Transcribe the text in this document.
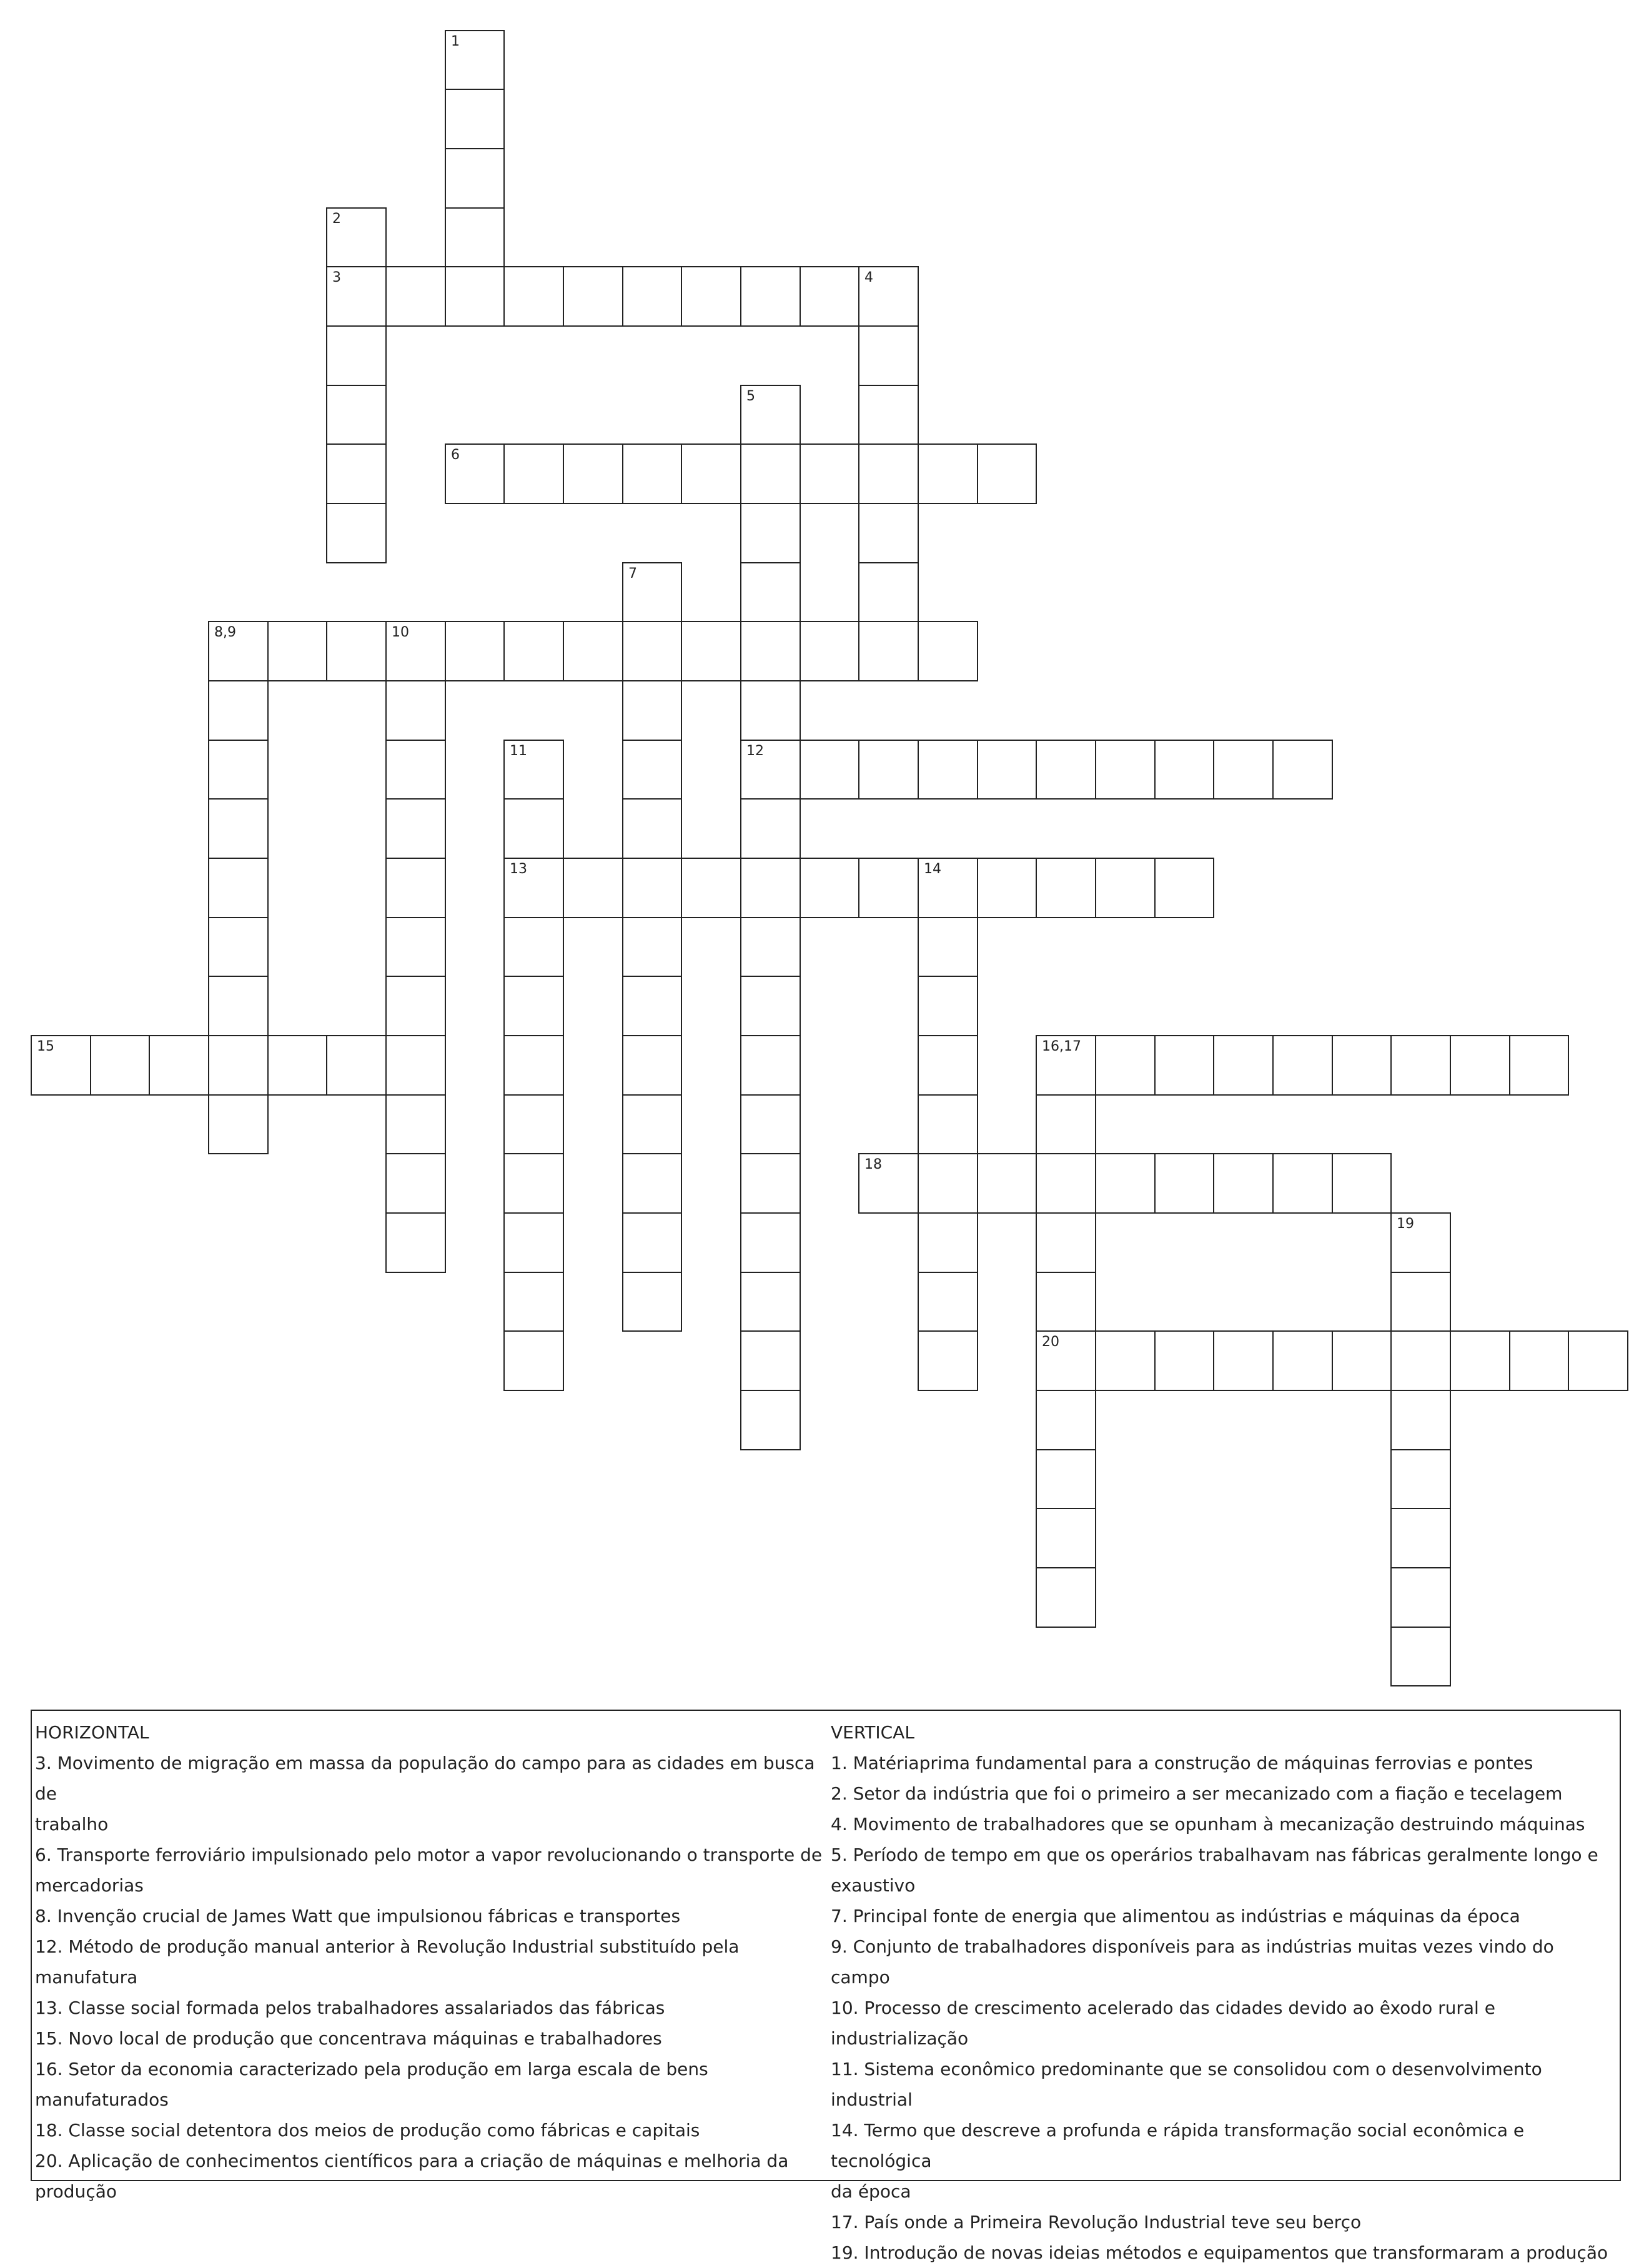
3	4
6
8,9	10
12
13	14
15	16,17
18
20
1
2
5
7
11
19
HORIZONTAL
3. Movimento de migração em massa da população do campo para as cidades em busca de
trabalho
6. Transporte ferroviário impulsionado pelo motor a vapor revolucionando o transporte de
mercadorias
8. Invenção crucial de James Watt que impulsionou fábricas e transportes
12. Método de produção manual anterior à Revolução Industrial substituído pela manufatura
13. Classe social formada pelos trabalhadores assalariados das fábricas
15. Novo local de produção que concentrava máquinas e trabalhadores
16. Setor da economia caracterizado pela produção em larga escala de bens manufaturados
18. Classe social detentora dos meios de produção como fábricas e capitais
20. Aplicação de conhecimentos científicos para a criação de máquinas e melhoria da
produção
VERTICAL
1. Matériaprima fundamental para a construção de máquinas ferrovias e pontes
2. Setor da indústria que foi o primeiro a ser mecanizado com a fiação e tecelagem
4. Movimento de trabalhadores que se opunham à mecanização destruindo máquinas
5. Período de tempo em que os operários trabalhavam nas fábricas geralmente longo e
exaustivo
7. Principal fonte de energia que alimentou as indústrias e máquinas da época
9. Conjunto de trabalhadores disponíveis para as indústrias muitas vezes vindo do campo
10. Processo de crescimento acelerado das cidades devido ao êxodo rural e industrialização
11. Sistema econômico predominante que se consolidou com o desenvolvimento industrial
14. Termo que descreve a profunda e rápida transformação social econômica e tecnológica
da época
17. País onde a Primeira Revolução Industrial teve seu berço
19. Introdução de novas ideias métodos e equipamentos que transformaram a produção
